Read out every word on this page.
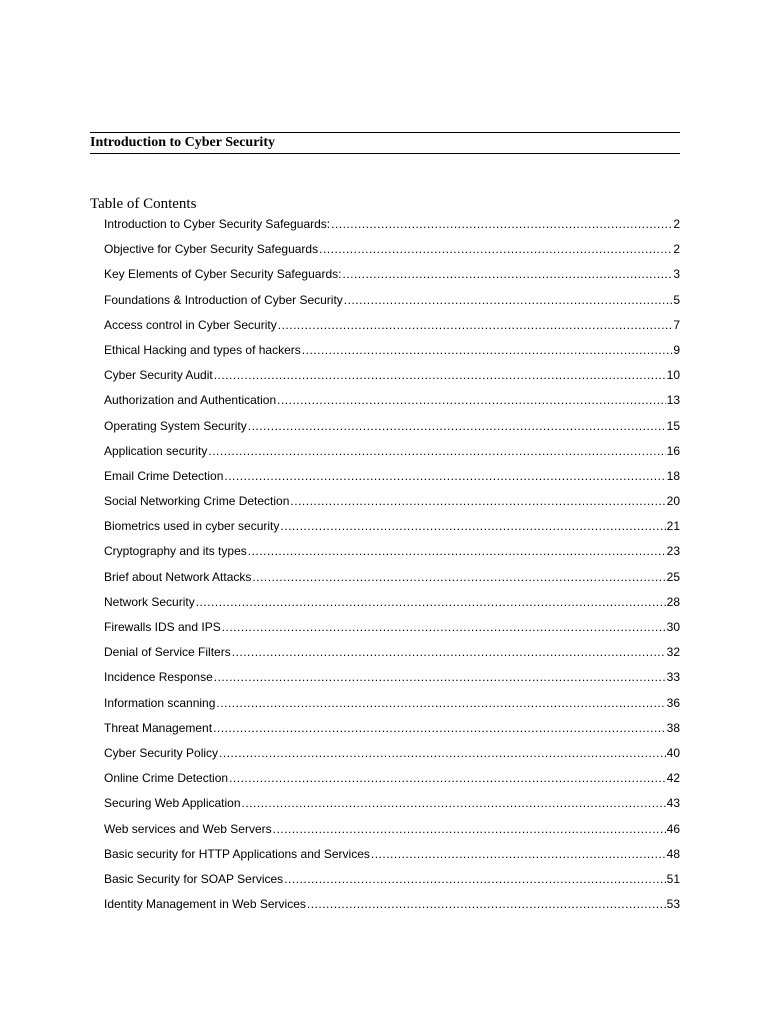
Introduction to Cyber Security
Table of Contents
Introduction to Cyber Security Safeguards: .....	2
Objective for Cyber Security Safeguards .....	2
Key Elements of Cyber Security Safeguards: .....	3
Foundations & Introduction of Cyber Security .....	5
Access control in Cyber Security .....	7
Ethical Hacking and types of hackers .....	9
Cyber Security Audit .....	10
Authorization and Authentication .....	13
Operating System Security .....	15
Application security .....	16
Email Crime Detection .....	18
Social Networking Crime Detection .....	20
Biometrics used in cyber security .....	21
Cryptography and its types .....	23
Brief about Network Attacks .....	25
Network Security .....	28
Firewalls IDS and IPS .....	30
Denial of Service Filters .....	32
Incidence Response .....	33
Information scanning .....	36
Threat Management .....	38
Cyber Security Policy .....	40
Online Crime Detection .....	42
Securing Web Application .....	43
Web services and Web Servers .....	46
Basic security for HTTP Applications and Services .....	48
Basic Security for SOAP Services .....	51
Identity Management in Web Services .....	53
